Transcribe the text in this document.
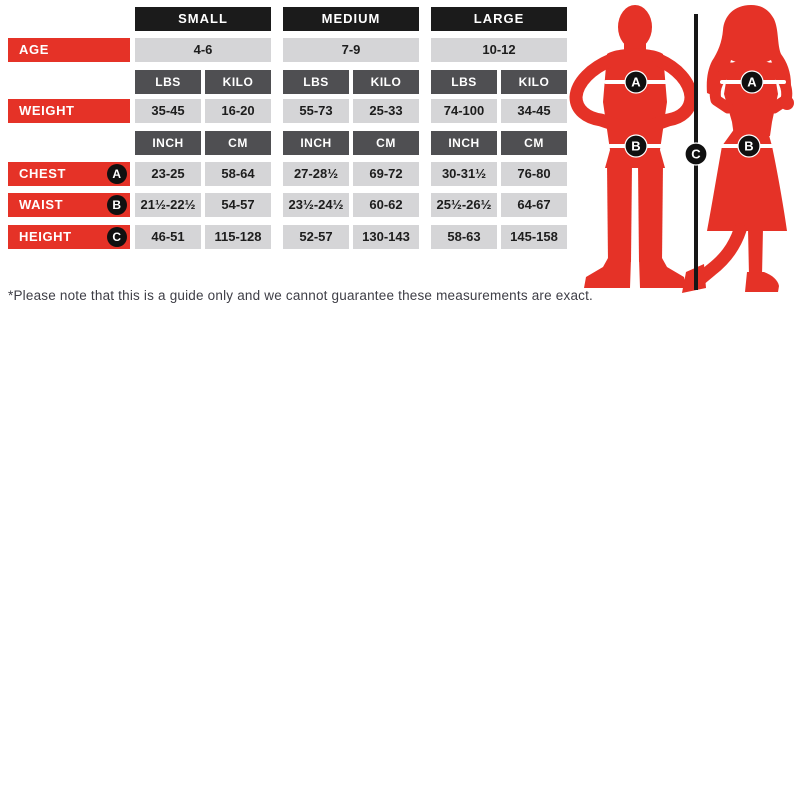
SMALL	MEDIUM	LARGE
AGE	4-6	7-9	10-12
LBS	KILO	LBS	KILO	LBS	KILO
WEIGHT	35-45	16-20	55-73	25-33	74-100	34-45
INCH	CM	INCH	CM	INCH	CM
CHEST	A	23-25	58-64	27-28½	69-72	30-31½	76-80
WAIST	B	21½-22½	54-57	23½-24½	60-62	25½-26½	64-67
HEIGHT	C	46-51	115-128	52-57	130-143	58-63	145-158
*Please note that this is a guide only and we cannot guarantee these measurements are exact.
A
B
A
B
C
